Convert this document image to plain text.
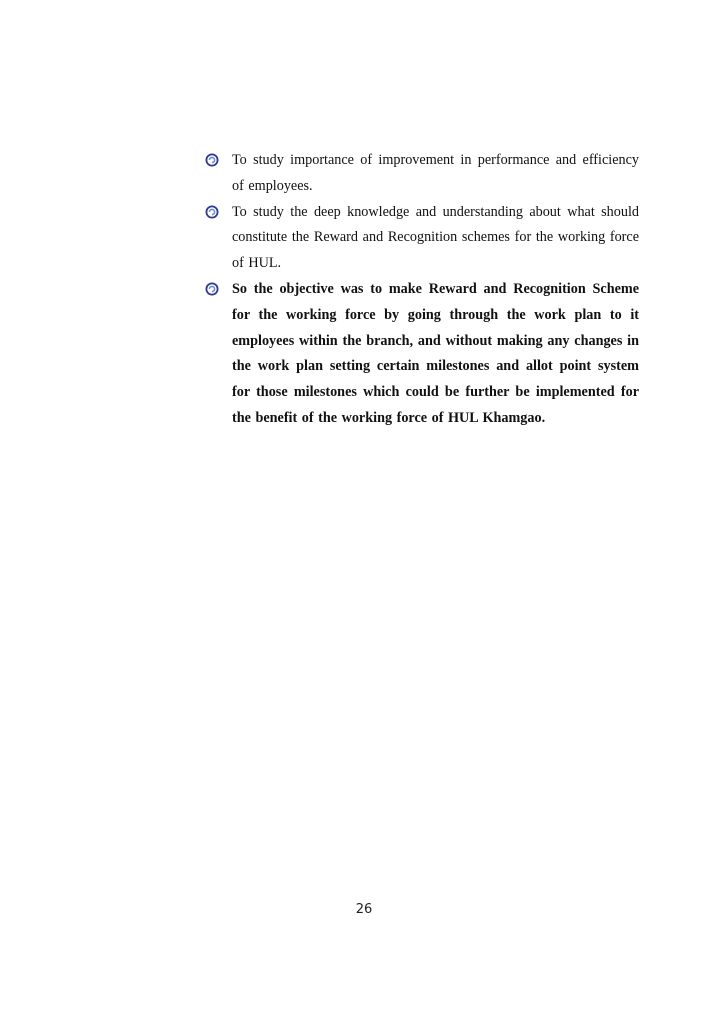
To study importance of improvement in performance and efficiency of employees.
To study the deep knowledge and understanding about what should constitute the Reward and Recognition schemes for the working force of HUL.
So the objective was to make Reward and Recognition Scheme for the working force by going through the work plan to it employees within the branch, and without making any changes in the work plan setting certain milestones and allot point system for those milestones which could be further be implemented for the benefit of the working force of HUL Khamgao.
26
